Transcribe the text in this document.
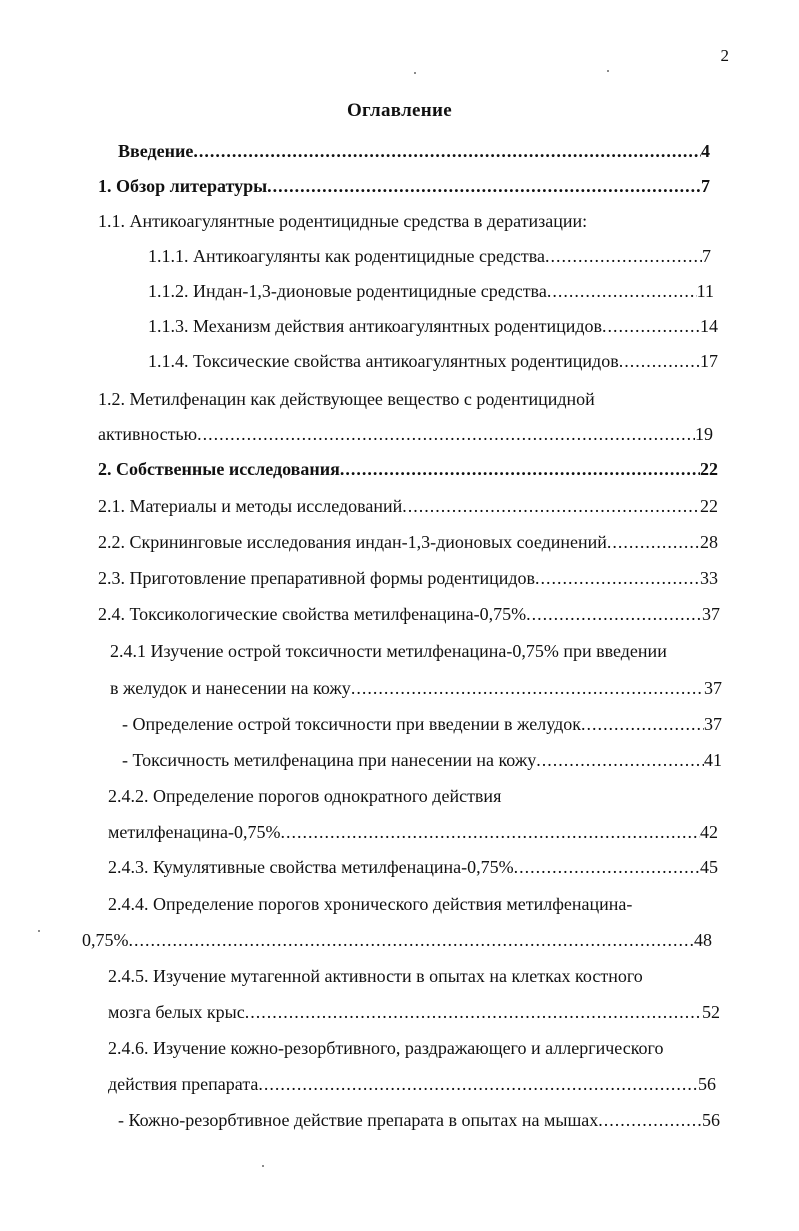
2
Оглавление
Введение .....	4
1. Обзор литературы .....	7
1.1. Антикоагулянтные родентицидные средства в дератизации:
1.1.1. Антикоагулянты как родентицидные средства .....	7
1.1.2. Индан-1,3-дионовые родентицидные средства .....	11
1.1.3. Механизм действия антикоагулянтных родентицидов .....	14
1.1.4. Токсические свойства антикоагулянтных родентицидов .....	17
1.2. Метилфенацин как действующее вещество с родентицидной
активностью .....	19
2. Собственные исследования .....	22
2.1. Материалы и методы исследований .....	22
2.2. Скрининговые исследования индан-1,3-дионовых соединений .....	28
2.3. Приготовление препаративной формы родентицидов .....	33
2.4. Токсикологические свойства метилфенацина-0,75% .....	37
2.4.1 Изучение острой токсичности метилфенацина-0,75% при введении
в желудок и нанесении на кожу .....	37
- Определение острой токсичности при введении в желудок .....	37
- Токсичность метилфенацина при нанесении на кожу .....	41
2.4.2. Определение порогов однократного действия
метилфенацина-0,75% .....	42
2.4.3. Кумулятивные свойства метилфенацина-0,75% .....	45
2.4.4. Определение порогов хронического действия метилфенацина-
0,75% .....	48
2.4.5. Изучение мутагенной активности в опытах на клетках костного
мозга белых крыс .....	52
2.4.6. Изучение кожно-резорбтивного, раздражающего и аллергического
действия препарата .....	56
- Кожно-резорбтивное действие препарата в опытах на мышах .....	56
